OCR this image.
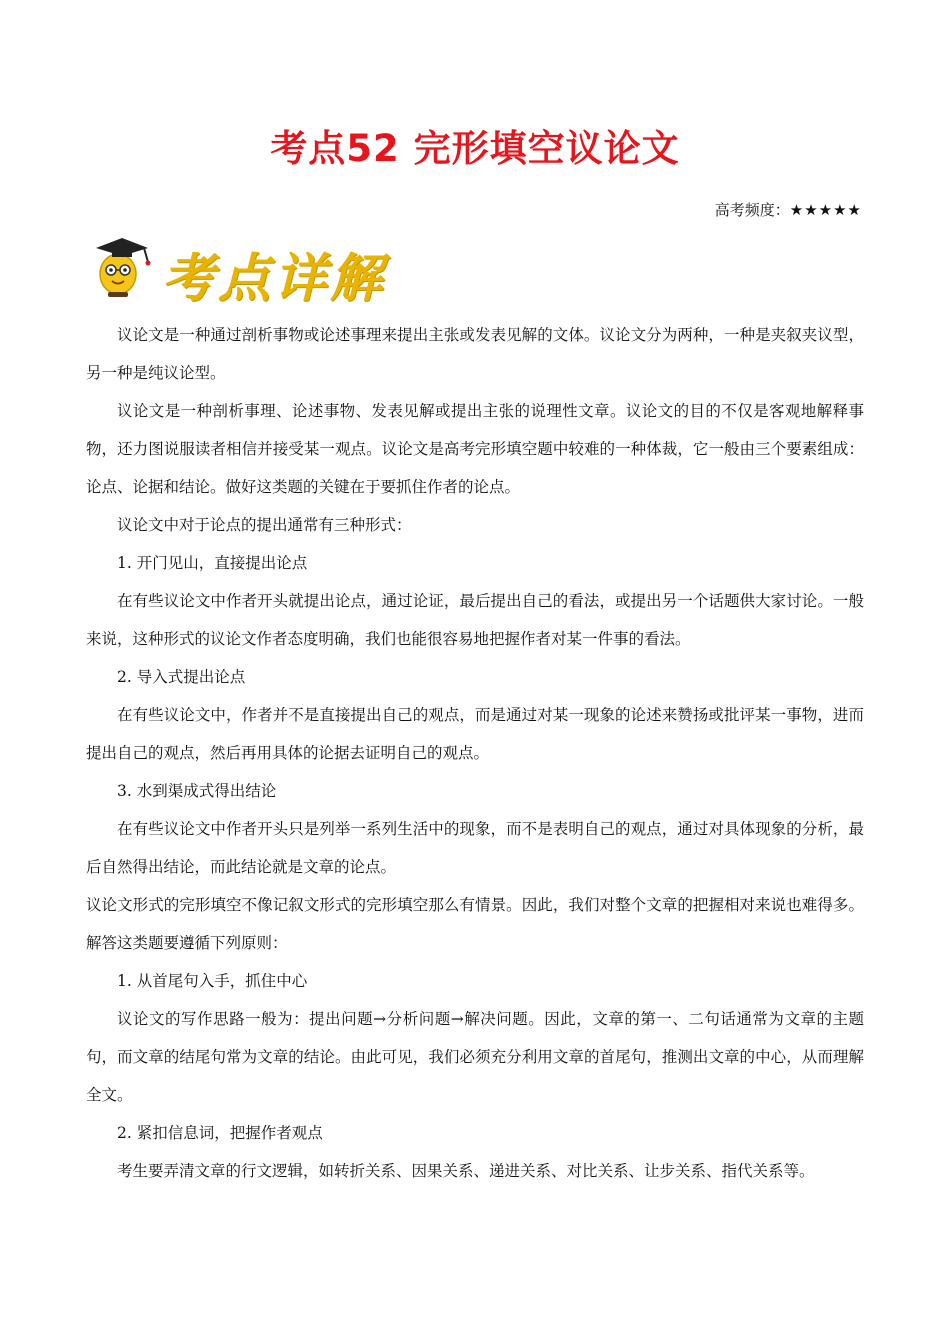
考点52 完形填空议论文
高考频度：★★★★★
考点详解

议论文是一种通过剖析事物或论述事理来提出主张或发表见解的文体。议论文分为两种，一种是夹叙夹议型，另一种是纯议论型。

议论文是一种剖析事理、论述事物、发表见解或提出主张的说理性文章。议论文的目的不仅是客观地解释事物，还力图说服读者相信并接受某一观点。议论文是高考完形填空题中较难的一种体裁，它一般由三个要素组成：论点、论据和结论。做好这类题的关键在于要抓住作者的论点。

议论文中对于论点的提出通常有三种形式：

1. 开门见山，直接提出论点

在有些议论文中作者开头就提出论点，通过论证，最后提出自己的看法，或提出另一个话题供大家讨论。一般来说，这种形式的议论文作者态度明确，我们也能很容易地把握作者对某一件事的看法。

2. 导入式提出论点

在有些议论文中，作者并不是直接提出自己的观点，而是通过对某一现象的论述来赞扬或批评某一事物，进而提出自己的观点，然后再用具体的论据去证明自己的观点。

3. 水到渠成式得出结论

在有些议论文中作者开头只是列举一系列生活中的现象，而不是表明自己的观点，通过对具体现象的分析，最后自然得出结论，而此结论就是文章的论点。

议论文形式的完形填空不像记叙文形式的完形填空那么有情景。因此，我们对整个文章的把握相对来说也难得多。解答这类题要遵循下列原则：

1. 从首尾句入手，抓住中心

议论文的写作思路一般为：提出问题→分析问题→解决问题。因此，文章的第一、二句话通常为文章的主题句，而文章的结尾句常为文章的结论。由此可见，我们必须充分利用文章的首尾句，推测出文章的中心，从而理解全文。

2. 紧扣信息词，把握作者观点

考生要弄清文章的行文逻辑，如转折关系、因果关系、递进关系、对比关系、让步关系、指代关系等。
